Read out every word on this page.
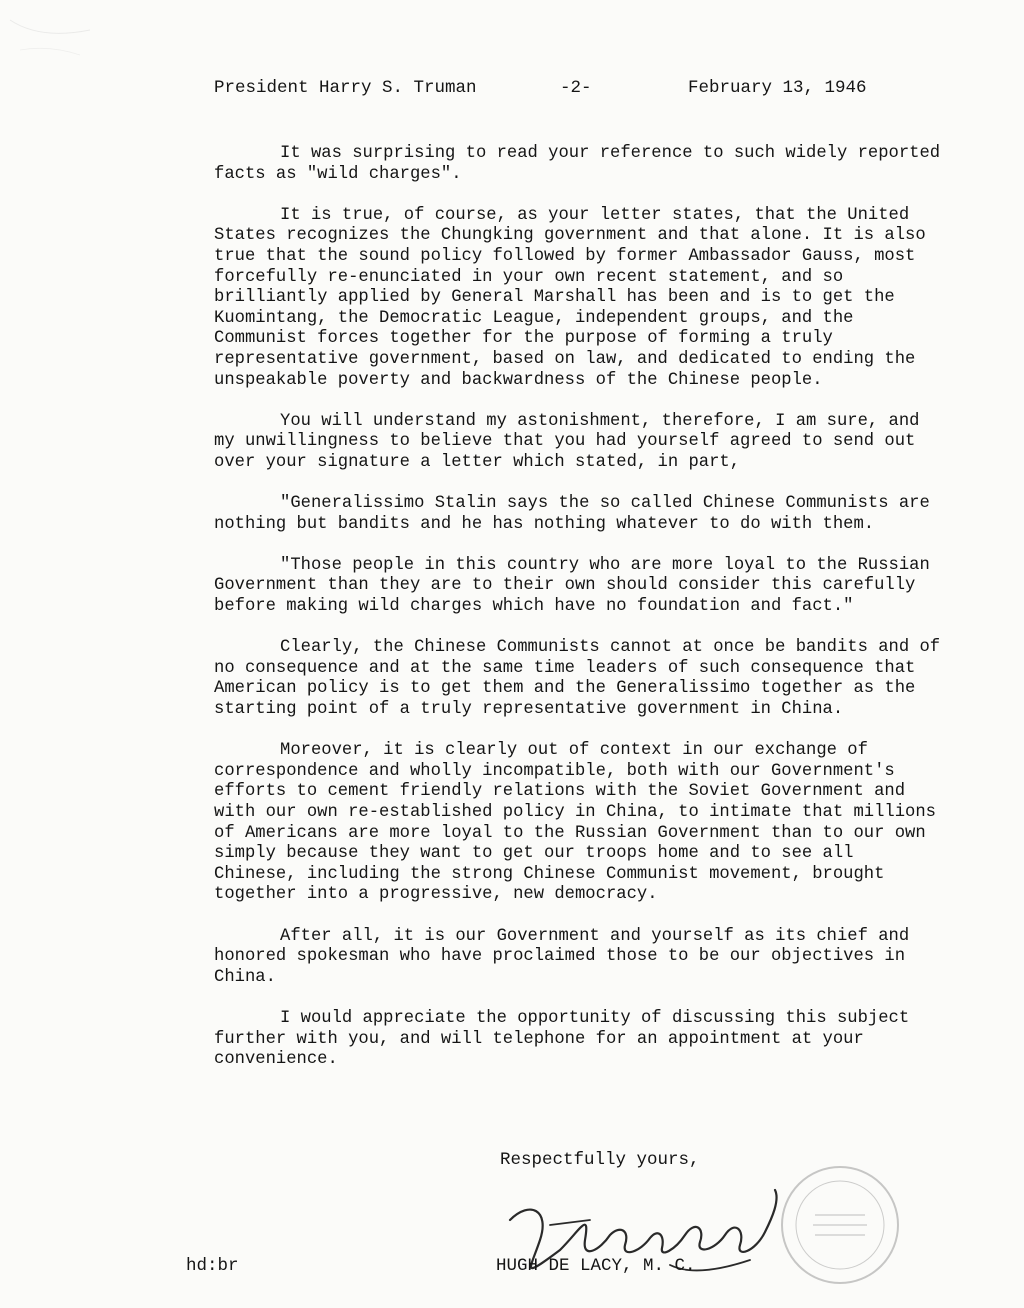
President Harry S. Truman	-2-	February 13, 1946

It was surprising to read your reference to such widely reported facts as "wild charges".

It is true, of course, as your letter states, that the United States recognizes the Chungking government and that alone. It is also true that the sound policy followed by former Ambassador Gauss, most forcefully re-enunciated in your own recent statement, and so brilliantly applied by General Marshall has been and is to get the Kuomintang, the Democratic League, independent groups, and the Communist forces together for the purpose of forming a truly representative government, based on law, and dedicated to ending the unspeakable poverty and backwardness of the Chinese people.

You will understand my astonishment, therefore, I am sure, and my unwillingness to believe that you had yourself agreed to send out over your signature a letter which stated, in part,

"Generalissimo Stalin says the so called Chinese Communists are nothing but bandits and he has nothing whatever to do with them.

"Those people in this country who are more loyal to the Russian Government than they are to their own should consider this carefully before making wild charges which have no foundation and fact."

Clearly, the Chinese Communists cannot at once be bandits and of no consequence and at the same time leaders of such consequence that American policy is to get them and the Generalissimo together as the starting point of a truly representative government in China.

Moreover, it is clearly out of context in our exchange of correspondence and wholly incompatible, both with our Government's efforts to cement friendly relations with the Soviet Government and with our own re-established policy in China, to intimate that millions of Americans are more loyal to the Russian Government than to our own simply because they want to get our troops home and to see all Chinese, including the strong Chinese Communist movement, brought together into a progressive, new democracy.

After all, it is our Government and yourself as its chief and honored spokesman who have proclaimed those to be our objectives in China.

I would appreciate the opportunity of discussing this subject further with you, and will telephone for an appointment at your convenience.

Respectfully yours,
hd:br	HUGH DE LACY, M. C.
